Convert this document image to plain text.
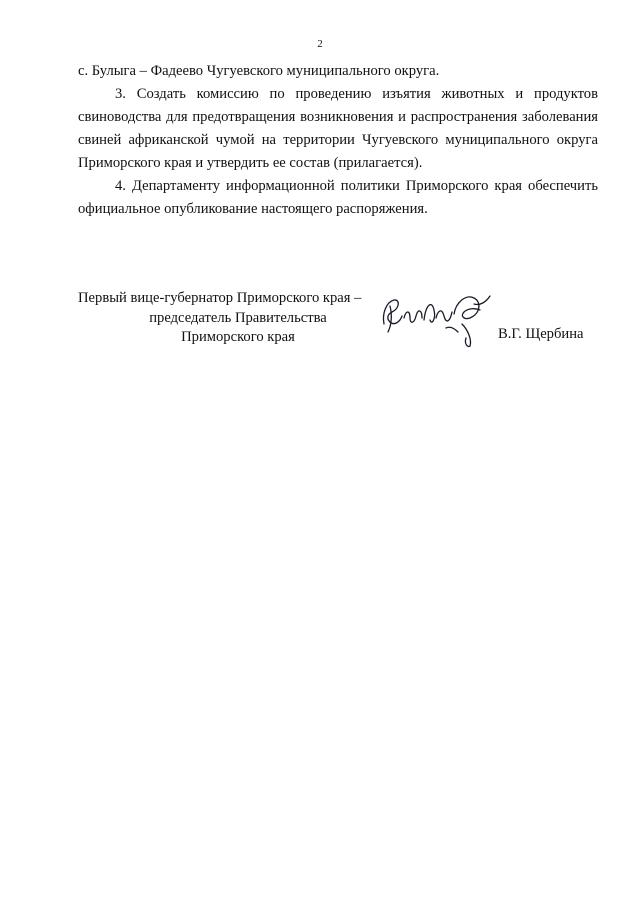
2

с. Булыга – Фадеево Чугуевского муниципального округа.

3. Создать комиссию по проведению изъятия животных и продуктов свиноводства для предотвращения возникновения и распространения заболевания свиней африканской чумой на территории Чугуевского муниципального округа Приморского края и утвердить ее состав (прилагается).

4. Департаменту информационной политики Приморского края обеспечить официальное опубликование настоящего распоряжения.

Первый вице-губернатор Приморского края –
председатель Правительства
Приморского края	В.Г. Щербина
